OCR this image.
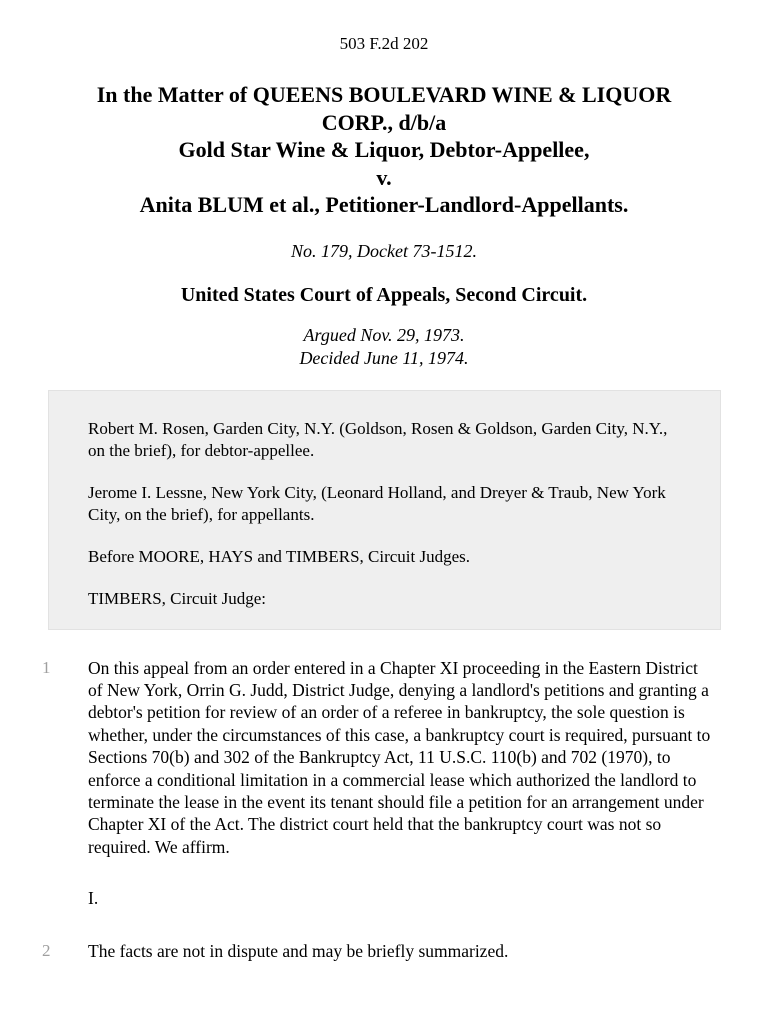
503 F.2d 202
In the Matter of QUEENS BOULEVARD WINE & LIQUOR
CORP., d/b/a
Gold Star Wine & Liquor, Debtor-Appellee,
v.
Anita BLUM et al., Petitioner-Landlord-Appellants.
No. 179, Docket 73-1512.
United States Court of Appeals, Second Circuit.
Argued Nov. 29, 1973.
Decided June 11, 1974.

Robert M. Rosen, Garden City, N.Y. (Goldson, Rosen & Goldson, Garden City, N.Y., on the brief), for debtor-appellee.

Jerome I. Lessne, New York City, (Leonard Holland, and Dreyer & Traub, New York City, on the brief), for appellants.

Before MOORE, HAYS and TIMBERS, Circuit Judges.

TIMBERS, Circuit Judge:

1 On this appeal from an order entered in a Chapter XI proceeding in the Eastern District of New York, Orrin G. Judd, District Judge, denying a landlord's petitions and granting a debtor's petition for review of an order of a referee in bankruptcy, the sole question is whether, under the circumstances of this case, a bankruptcy court is required, pursuant to Sections 70(b) and 302 of the Bankruptcy Act, 11 U.S.C. 110(b) and 702 (1970), to enforce a conditional limitation in a commercial lease which authorized the landlord to terminate the lease in the event its tenant should file a petition for an arrangement under Chapter XI of the Act. The district court held that the bankruptcy court was not so required. We affirm.
I.
2 The facts are not in dispute and may be briefly summarized.
